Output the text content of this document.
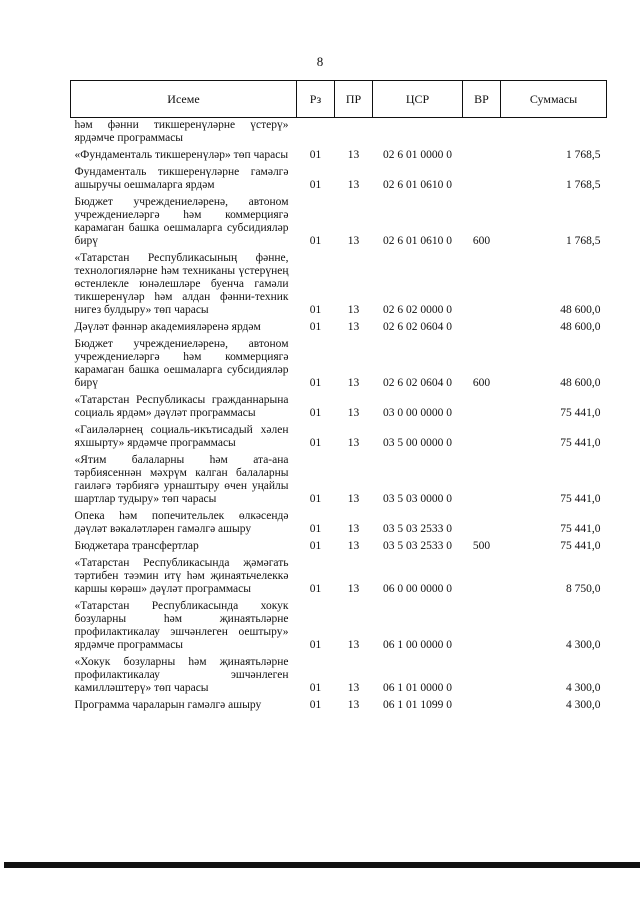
8
Исеме	Рз	ПР	ЦСР	ВР	Суммасы
һәм фәнни тикшеренүләрне үстерү» ярдәмче программасы					
«Фундаменталь тикшеренүләр» төп чарасы	01	13	02 6 01 0000 0		1 768,5
Фундаменталь тикшеренүләрне гамәлгә ашыручы оешмаларга ярдәм	01	13	02 6 01 0610 0		1 768,5
Бюджет учреждениеләренә, автоном учреждениеләргә һәм коммерциягә карамаган башка оешмаларга субсидияләр бирү	01	13	02 6 01 0610 0	600	1 768,5
«Татарстан Республикасының фәнне, технологияләрне һәм техниканы үстерүнең өстенлекле юнәлешләре буенча гамәли тикшеренүләр һәм алдан фәнни-техник нигез булдыру» төп чарасы	01	13	02 6 02 0000 0		48 600,0
Дәүләт фәннәр академияләренә ярдәм	01	13	02 6 02 0604 0		48 600,0
Бюджет учреждениеләренә, автоном учреждениеләргә һәм коммерциягә карамаган башка оешмаларга субсидияләр бирү	01	13	02 6 02 0604 0	600	48 600,0
«Татарстан Республикасы гражданнарына социаль ярдәм» дәүләт программасы	01	13	03 0 00 0000 0		75 441,0
«Гаиләләрнең социаль-икътисадый хәлен яхшырту» ярдәмче программасы	01	13	03 5 00 0000 0		75 441,0
«Ятим балаларны һәм ата-ана тәрбиясеннән мәхрүм калган балаларны гаиләгә тәрбиягә урнаштыру өчен уңайлы шартлар тудыру» төп чарасы	01	13	03 5 03 0000 0		75 441,0
Опека һәм попечительлек өлкәсендә дәүләт вәкаләтләрен гамәлгә ашыру	01	13	03 5 03 2533 0		75 441,0
Бюджетара трансфертлар	01	13	03 5 03 2533 0	500	75 441,0
«Татарстан Республикасында җәмәгать тәртибен тәэмин итү һәм җинаятьчелеккә каршы көрәш» дәүләт программасы	01	13	06 0 00 0000 0		8 750,0
«Татарстан Республикасында хокук бозуларны һәм җинаятьләрне профилактикалау эшчәнлеген оештыру» ярдәмче программасы	01	13	06 1 00 0000 0		4 300,0
«Хокук бозуларны һәм җинаятьләрне профилактикалау эшчәнлеген камилләштерү» төп чарасы	01	13	06 1 01 0000 0		4 300,0
Программа чараларын гамәлгә ашыру	01	13	06 1 01 1099 0		4 300,0
